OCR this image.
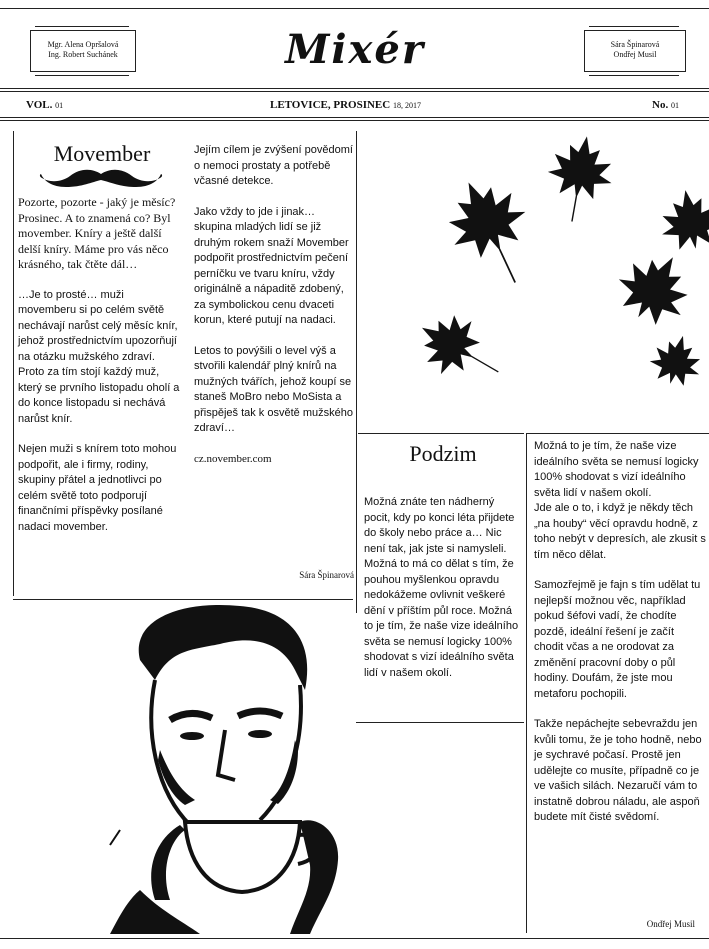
Mgr. Alena Opršalová
Ing. Robert Suchánek	Mixér	Sára Špinarová
Ondřej Musil
VOL. 01	LETOVICE, PROSINEC 18, 2017	No. 01
Movember

Pozorte, pozorte - jaký je měsíc? Prosinec. A to znamená co? Byl movember. Kníry a ještě další delší kníry. Máme pro vás něco krásného, tak čtěte dál…

…Je to prosté… muži movemberu si po celém světě nechávají narůst celý měsíc knír, jehož prostřednictvím upozorňují na otázku mužského zdraví. Proto za tím stojí každý muž, který se prvního listopadu oholí a do konce listopadu si nechává narůst knír.

Nejen muži s knírem toto mohou podpořit, ale i firmy, rodiny, skupiny přátel a jednotlivci po celém světě toto podporují finančními příspěvky posílané nadaci movember.

Jejím cílem je zvýšení povědomí o nemoci prostaty a potřebě včasné detekce.

Jako vždy to jde i jinak… skupina mladých lidí se již druhým rokem snaží Movember podpořit prostřednictvím pečení perníčku ve tvaru kníru, vždy originálně a nápaditě zdobený, za symbolickou cenu dvaceti korun, které putují na nadaci.

Letos to povýšili o level výš a stvořili kalendář plný knírů na mužných tvářích, jehož koupí se staneš MoBro nebo MoSista a přispěješ tak k osvětě mužského zdraví…

cz.november.com

Sára Špinarová
Podzim

Možná znáte ten nádherný pocit, kdy po konci léta přijdete do školy nebo práce a… Nic není tak, jak jste si namysleli. Možná to má co dělat s tím, že pouhou myšlenkou opravdu nedokážeme ovlivnit veškeré dění v příštím půl roce. Možná to je tím, že naše vize ideálního světa se nemusí logicky 100% shodovat s vizí ideálního světa lidí v našem okolí.

Možná to je tím, že naše vize ideálního světa se nemusí logicky 100% shodovat s vizí ideálního světa lidí v našem okolí.
Jde ale o to, i když je někdy těch „na houby“ věcí opravdu hodně, z toho nebýt v depresích, ale zkusit s tím něco dělat.

Samozřejmě je fajn s tím udělat tu nejlepší možnou věc, například pokud šéfovi vadí, že chodíte pozdě, ideální řešení je začít chodit včas a ne orodovat za změnění pracovní doby o půl hodiny. Doufám, že jste mou metaforu pochopili.

Takže nepáchejte sebevraždu jen kvůli tomu, že je toho hodně, nebo je sychravé počasí. Prostě jen udělejte co musíte, případně co je ve vašich silách. Nezaručí vám to instatně dobrou náladu, ale aspoň budete mít čisté svědomí.

Ondřej Musil
